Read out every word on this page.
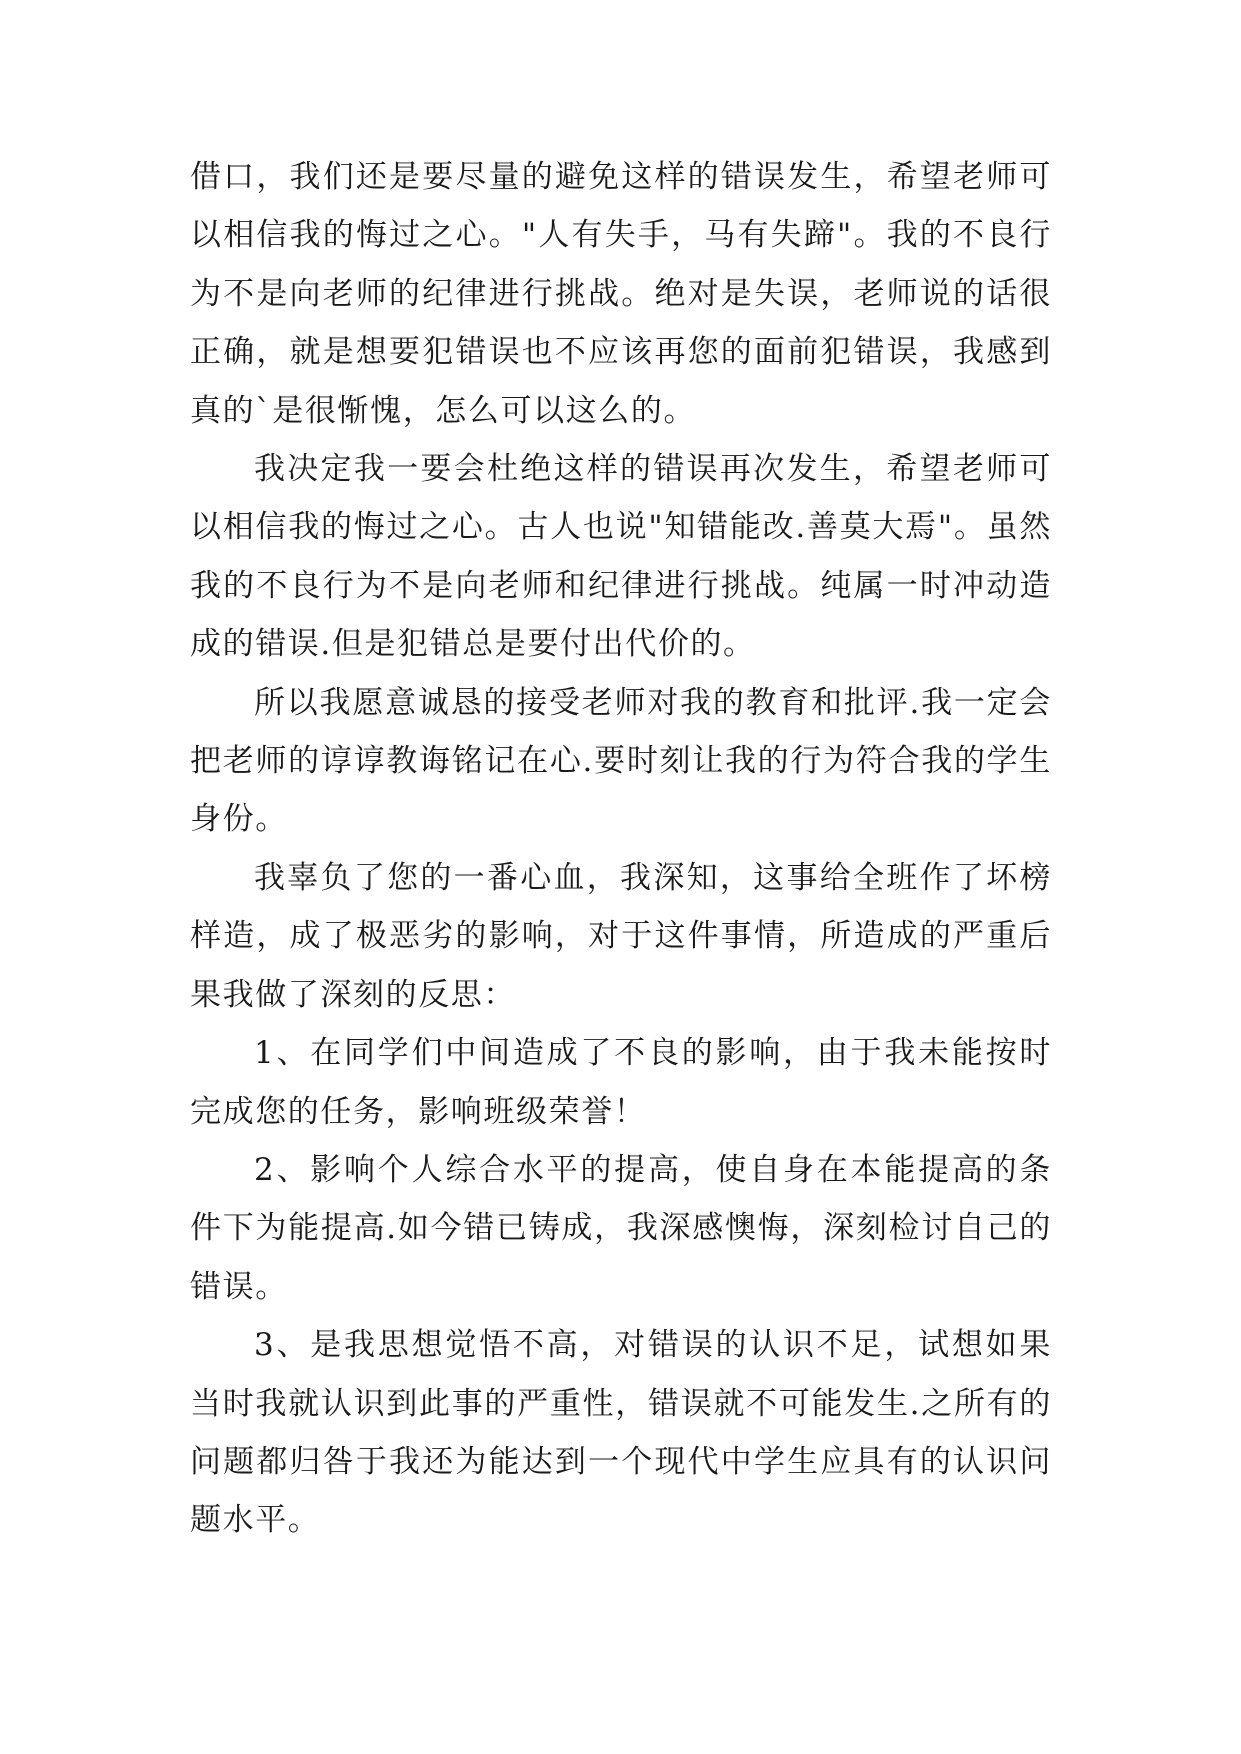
借口，我们还是要尽量的避免这样的错误发生，希望老师可以相信我的悔过之心。"人有失手，马有失蹄"。我的不良行为不是向老师的纪律进行挑战。绝对是失误，老师说的话很正确，就是想要犯错误也不应该再您的面前犯错误，我感到真的`是很惭愧，怎么可以这么的。

我决定我一要会杜绝这样的错误再次发生，希望老师可以相信我的悔过之心。古人也说"知错能改.善莫大焉"。虽然我的不良行为不是向老师和纪律进行挑战。纯属一时冲动造成的错误.但是犯错总是要付出代价的。

所以我愿意诚恳的接受老师对我的教育和批评.我一定会把老师的谆谆教诲铭记在心.要时刻让我的行为符合我的学生身份。

我辜负了您的一番心血，我深知，这事给全班作了坏榜样造，成了极恶劣的影响，对于这件事情，所造成的严重后果我做了深刻的反思：

1、在同学们中间造成了不良的影响，由于我未能按时完成您的任务，影响班级荣誉！

2、影响个人综合水平的提高，使自身在本能提高的条件下为能提高.如今错已铸成，我深感懊悔，深刻检讨自己的错误。

3、是我思想觉悟不高，对错误的认识不足，试想如果当时我就认识到此事的严重性，错误就不可能发生.之所有的问题都归咎于我还为能达到一个现代中学生应具有的认识问题水平。
